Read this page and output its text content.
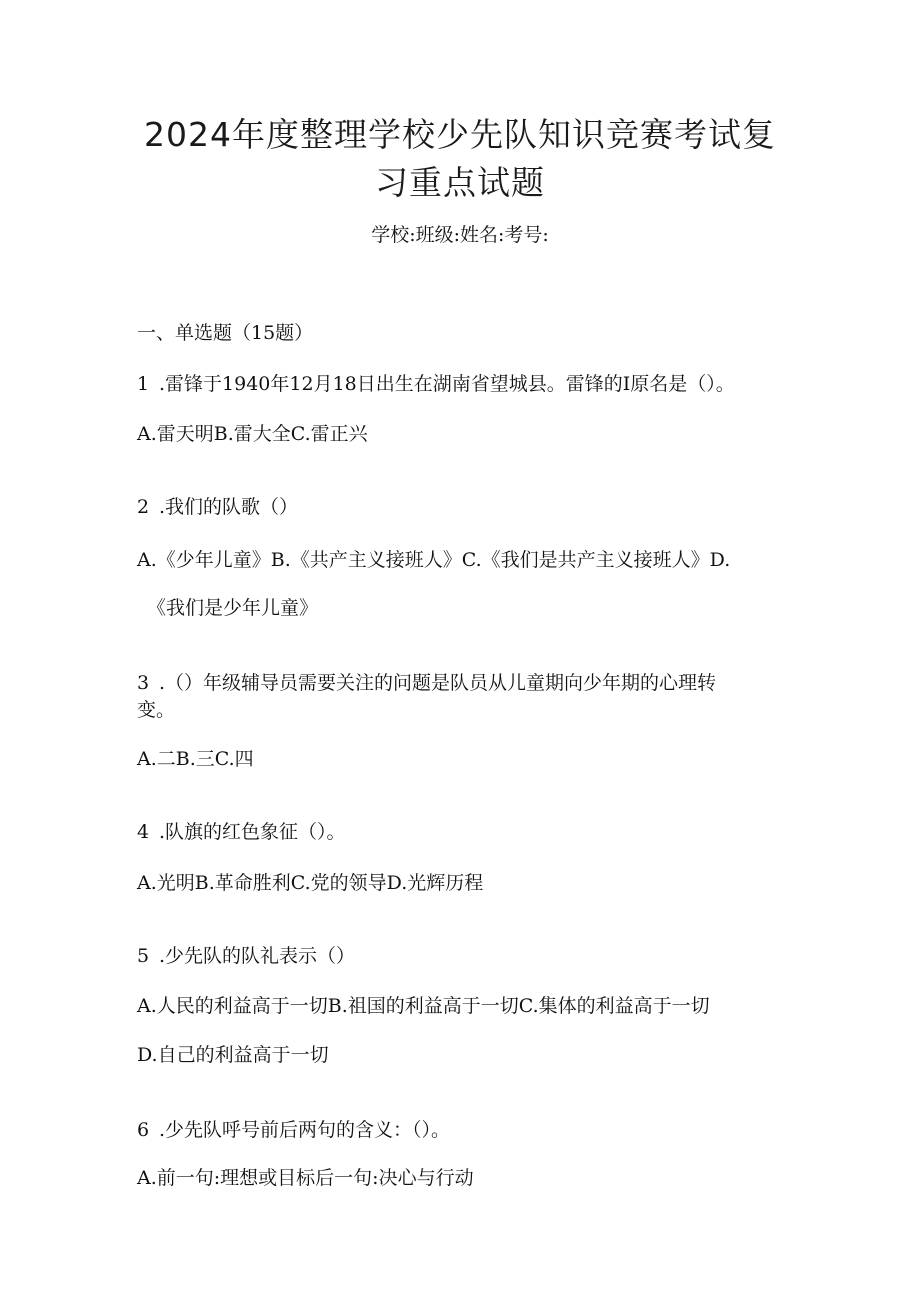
2024年度整理学校少先队知识竞赛考试复
习重点试题
学校:班级:姓名:考号:
一、单选题（15题）
1 .雷锋于1940年12月18日出生在湖南省望城县。雷锋的I原名是（）。
A.雷天明B.雷大全C.雷正兴
2 .我们的队歌（）
A.《少年儿童》B.《共产主义接班人》C.《我们是共产主义接班人》D.
《我们是少年儿童》
3 .（）年级辅导员需要关注的问题是队员从儿童期向少年期的心理转
变。
A.二B.三C.四
4 .队旗的红色象征（）。
A.光明B.革命胜利C.党的领导D.光辉历程
5 .少先队的队礼表示（）
A.人民的利益高于一切B.祖国的利益高于一切C.集体的利益高于一切
D.自己的利益高于一切
6 .少先队呼号前后两句的含义：（）。
A.前一句:理想或目标后一句:决心与行动
